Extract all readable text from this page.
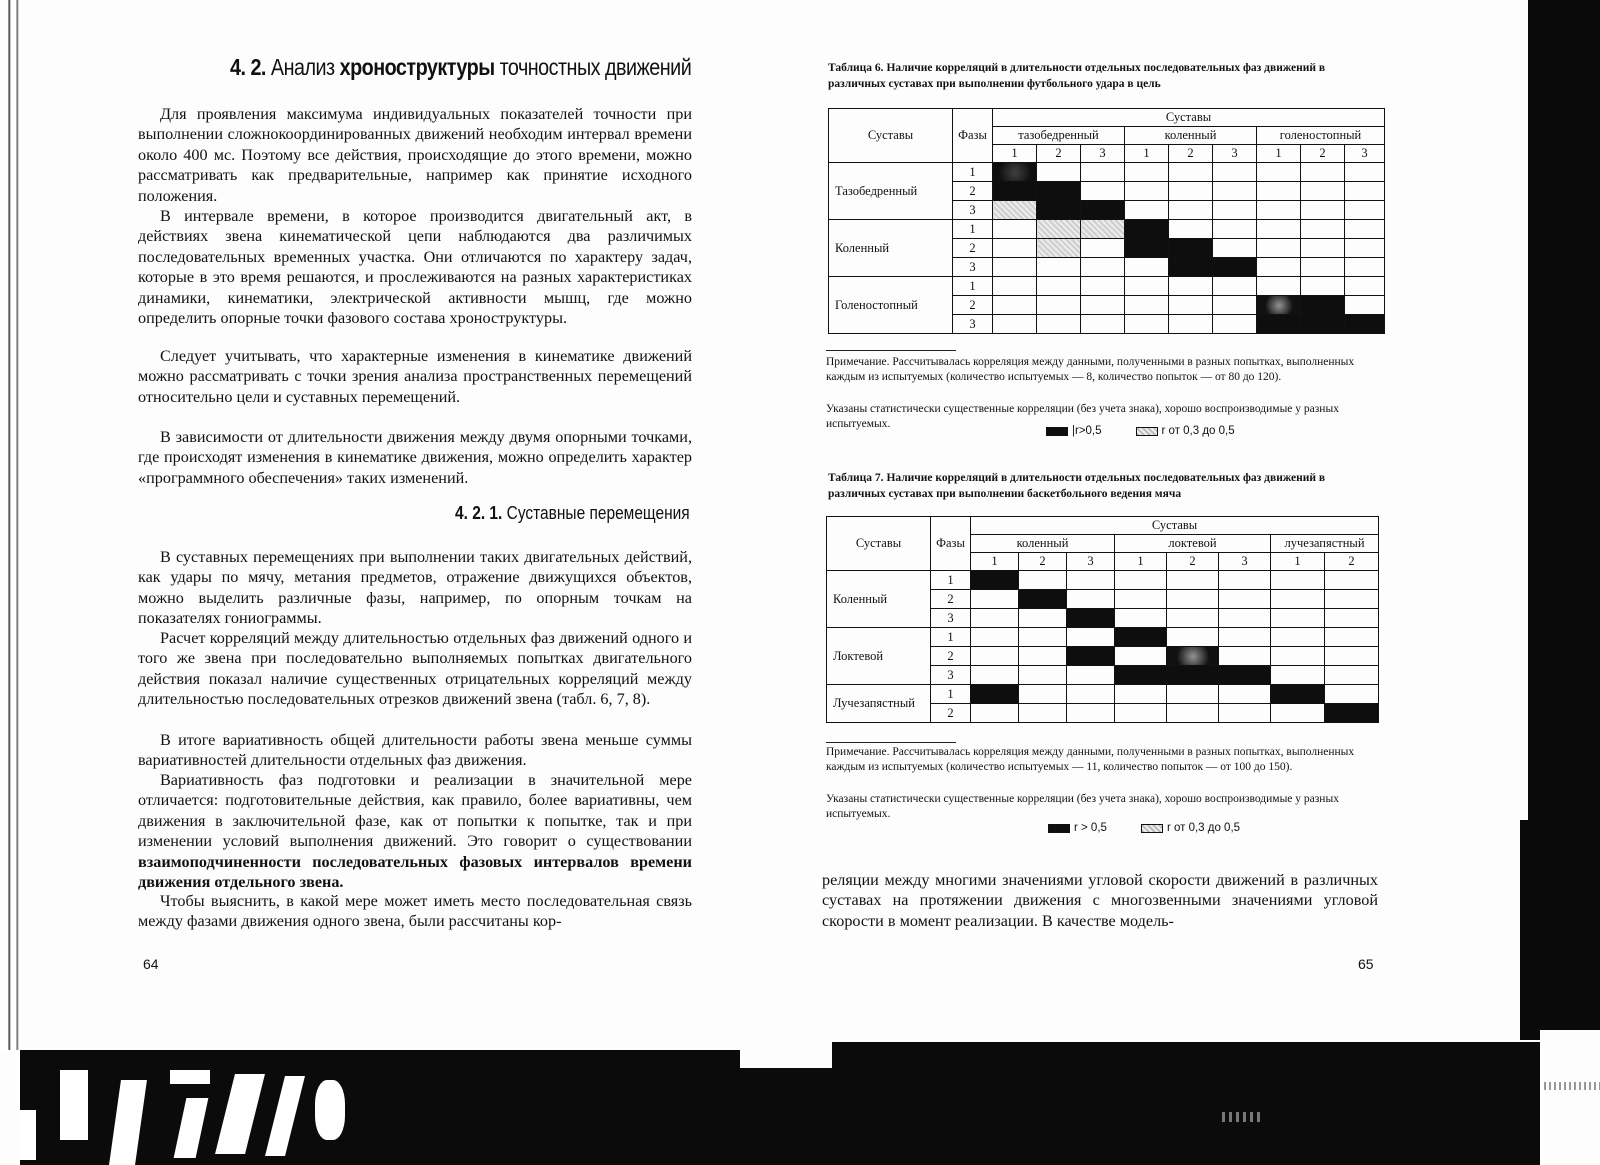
4. 2. Анализ хроноструктуры точностных движений

Для проявления максимума индивидуальных показателей точности при выполнении сложнокоординированных движений необходим интервал времени около 400 мс. Поэтому все действия, происходящие до этого времени, можно рассматривать как предварительные, например как принятие исходного положения.

В интервале времени, в которое производится двигательный акт, в действиях звена кинематической цепи наблюдаются два различимых последовательных временных участка. Они отличаются по характеру задач, которые в это время решаются, и прослеживаются на разных характеристиках динамики, кинематики, электрической активности мышц, где можно определить опорные точки фазового состава хроноструктуры.

Следует учитывать, что характерные изменения в кинематике движений можно рассматривать с точки зрения анализа пространственных перемещений относительно цели и суставных перемещений.

В зависимости от длительности движения между двумя опорными точками, где происходят изменения в кинематике движения, можно определить характер «программного обеспечения» таких изменений.

4. 2. 1. Суставные перемещения

В суставных перемещениях при выполнении таких двигательных действий, как удары по мячу, метания предметов, отражение движущихся объектов, можно выделить различные фазы, например, по опорным точкам на показателях гониограммы.

Расчет корреляций между длительностью отдельных фаз движений одного и того же звена при последовательно выполняемых попытках двигательного действия показал наличие существенных отрицательных корреляций между длительностью последовательных отрезков движений звена (табл. 6, 7, 8).

В итоге вариативность общей длительности работы звена меньше суммы вариативностей длительности отдельных фаз движения.

Вариативность фаз подготовки и реализации в значительной мере отличается: подготовительные действия, как правило, более вариативны, чем движения в заключительной фазе, как от попытки к попытке, так и при изменении условий выполнения движений. Это говорит о существовании взаимоподчиненности последовательных фазовых интервалов времени движения отдельного звена.

Чтобы выяснить, в какой мере может иметь место последовательная связь между фазами движения одного звена, были рассчитаны кор-

64
Таблица 6. Наличие корреляций в длительности отдельных последовательных фаз движений в различных суставах при выполнении футбольного удара в цель
Суставы	Фазы	Суставы								
		тазобедренный			коленный			голеностопный		
		1	2	3	1	2	3	1	2	3
Тазобедренный	1									
	2									
	3									
Коленный	1									
	2									
	3									
Голеностопный	1									
	2									
	3									

Примечание. Рассчитывалась корреляция между данными, полученными в разных попытках, выполненных каждым из испытуемых (количество испытуемых — 8, количество попыток — от 80 до 120).

Указаны статистически существенные корреляции (без учета знака), хорошо воспроизводимые у разных испытуемых.

|r>0,5	r от 0,3 до 0,5
Таблица 7. Наличие корреляций в длительности отдельных последовательных фаз движений в различных суставах при выполнении баскетбольного ведения мяча
Суставы	Фазы	Суставы							
		коленный			локтевой			лучезапястный	
		1	2	3	1	2	3	1	2
Коленный	1								
	2								
	3								
Локтевой	1								
	2								
	3								
Лучезапястный	1								
	2								

Примечание. Рассчитывалась корреляция между данными, полученными в разных попытках, выполненных каждым из испытуемых (количество испытуемых — 11, количество попыток — от 100 до 150).

Указаны статистически существенные корреляции (без учета знака), хорошо воспроизводимые у разных испытуемых.

r > 0,5	r от 0,3 до 0,5

реляции между многими значениями угловой скорости движений в различных суставах на протяжении движения с многозвенными значениями угловой скорости в момент реализации. В качестве модель-

65
